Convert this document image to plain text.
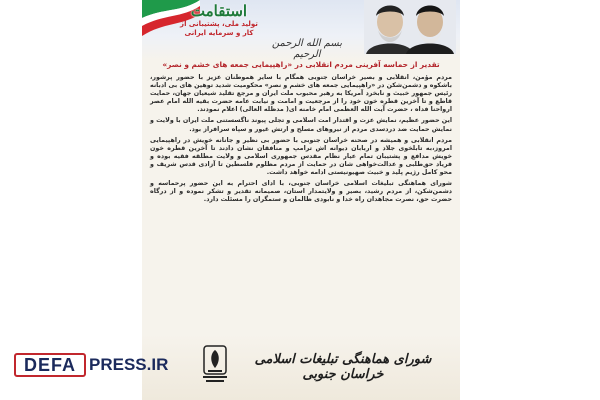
استقامت
تولید ملی، پشتیبانی از کار و سرمایه ایرانی
بسم الله الرحمن الرحیم
تقدیر از حماسه آفرینی مردم انقلابی در «راهپیمایی جمعه های خشم و نصر»

مردم مؤمن، انقلابی و بصیر خراسان جنوبی همگام با سایر هموطنان عزیز با حضور پرشور، باشکوه و دشمن‌شکن در «راهپیمایی جمعه های خشم و نصر» محکومیت شدید توهین های بی ادبانه رئیس جمهور خبیث و نابخرد آمریکا به رهبر محبوب ملت ایران و مرجع تقلید شیعیان جهان، حمایت قاطع و تا آخرین قطره خون خود را از مرجعیت و امامت و نیابت عامه حضرت بقیه الله امام عصر ارواحنا فداه ، حضرت آیت الله العظمی امام خامنه ای( مدظله العالی) اعلام نمودند.

این حضور عظیم، نمایش عزت و اقتدار امت اسلامی و تجلی پیوند ناگسستنی ملت ایران با ولایت و نمایش حمایت ضد دردسدی مردم از نیروهای مسلح و ارتش غیور و سپاه سرافراز بود.

مردم انقلابی و همیشه در صحنه خراسان جنوبی با حضور بی نظیر و جانانه خویش در راهپیمایی امروز،به تابلخوی جلاد و اربابان دیوانه اش ترامپ و منافقان نشان دادند تا آخرین قطره خون خویش مدافع و پشتیبان تمام عیار نظام مقدس جمهوری اسلامی و ولایت مطلقه فقیه بوده و فریاد حق‌طلبی و عدالت‌خواهی شان در حمایت از مردم مظلوم فلسطین تا آزادی قدس شریف و محو کامل رژیم پلید و خبیث صهیونیستی ادامه خواهد داشت.

شورای هماهنگی تبلیغات اسلامی خراسان جنوبی، با ادای احترام به این حضور پرحماسه و دشمن‌شکن، از مردم رشید، بصیر و ولایتمدار استان، صمیمانه تقدیر و تشکر نموده و از درگاه حضرت حق، نصرت مجاهدان راه خدا و نابودی ظالمان و ستمگران را مسئلت دارد.

شورای هماهنگی تبلیغات اسلامی خراسان جنوبی
DEFA PRESS.IR
